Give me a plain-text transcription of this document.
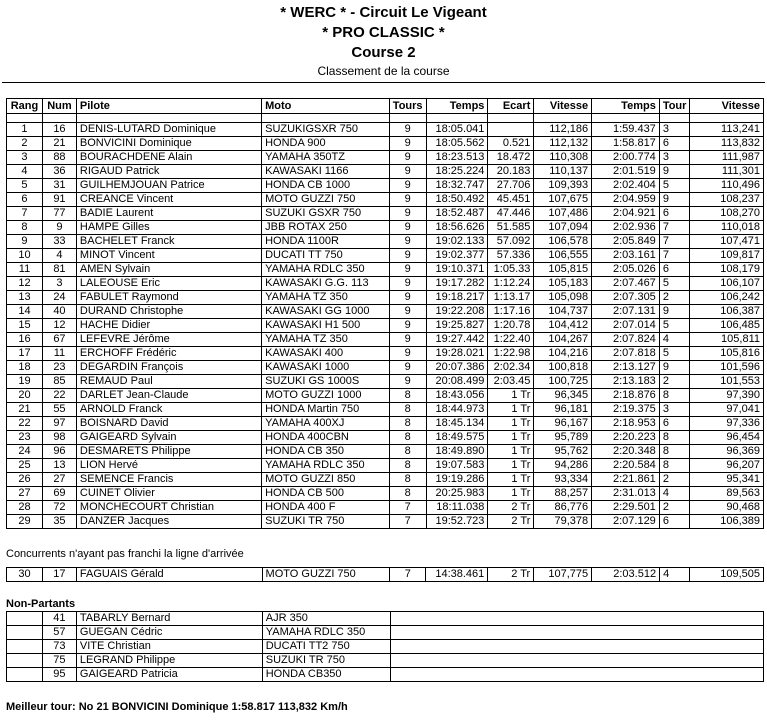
* WERC * - Circuit Le Vigeant
* PRO CLASSIC *
Course 2
Classement de la course
Rang	Num	Pilote	Moto	Tours	Temps	Ecart	Vitesse	Temps	Tour	Vitesse

1	16	DENIS-LUTARD Dominique	SUZUKIGSXR 750	9	18:05.041		112,186	1:59.437	3	113,241
2	21	BONVICINI Dominique	HONDA 900	9	18:05.562	0.521	112,132	1:58.817	6	113,832
3	88	BOURACHDENE Alain	YAMAHA 350TZ	9	18:23.513	18.472	110,308	2:00.774	3	111,987
4	36	RIGAUD Patrick	KAWASAKI 1166	9	18:25.224	20.183	110,137	2:01.519	9	111,301
5	31	GUILHEMJOUAN Patrice	HONDA CB 1000	9	18:32.747	27.706	109,393	2:02.404	5	110,496
6	91	CREANCE Vincent	MOTO GUZZI 750	9	18:50.492	45.451	107,675	2:04.959	9	108,237
7	77	BADIE Laurent	SUZUKI GSXR 750	9	18:52.487	47.446	107,486	2:04.921	6	108,270
8	9	HAMPE Gilles	JBB ROTAX 250	9	18:56.626	51.585	107,094	2:02.936	7	110,018
9	33	BACHELET Franck	HONDA 1100R	9	19:02.133	57.092	106,578	2:05.849	7	107,471
10	4	MINOT Vincent	DUCATI TT 750	9	19:02.377	57.336	106,555	2:03.161	7	109,817
11	81	AMEN Sylvain	YAMAHA RDLC 350	9	19:10.371	1:05.33	105,815	2:05.026	6	108,179
12	3	LALEOUSE Eric	KAWASAKI G.G. 113	9	19:17.282	1:12.24	105,183	2:07.467	5	106,107
13	24	FABULET Raymond	YAMAHA TZ 350	9	19:18.217	1:13.17	105,098	2:07.305	2	106,242
14	40	DURAND Christophe	KAWASAKI GG 1000	9	19:22.208	1:17.16	104,737	2:07.131	9	106,387
15	12	HACHE Didier	KAWASAKI H1 500	9	19:25.827	1:20.78	104,412	2:07.014	5	106,485
16	67	LEFEVRE Jérôme	YAMAHA TZ 350	9	19:27.442	1:22.40	104,267	2:07.824	4	105,811
17	11	ERCHOFF Frédéric	KAWASAKI 400	9	19:28.021	1:22.98	104,216	2:07.818	5	105,816
18	23	DEGARDIN François	KAWASAKI 1000	9	20:07.386	2:02.34	100,818	2:13.127	9	101,596
19	85	REMAUD Paul	SUZUKI GS 1000S	9	20:08.499	2:03.45	100,725	2:13.183	2	101,553
20	22	DARLET Jean-Claude	MOTO GUZZI 1000	8	18:43.056	1 Tr	96,345	2:18.876	8	97,390
21	55	ARNOLD Franck	HONDA Martin 750	8	18:44.973	1 Tr	96,181	2:19.375	3	97,041
22	97	BOISNARD David	YAMAHA 400XJ	8	18:45.134	1 Tr	96,167	2:18.953	6	97,336
23	98	GAIGEARD Sylvain	HONDA 400CBN	8	18:49.575	1 Tr	95,789	2:20.223	8	96,454
24	96	DESMARETS Philippe	HONDA CB 350	8	18:49.890	1 Tr	95,762	2:20.348	8	96,369
25	13	LION Hervé	YAMAHA RDLC 350	8	19:07.583	1 Tr	94,286	2:20.584	8	96,207
26	27	SEMENCE Francis	MOTO GUZZI 850	8	19:19.286	1 Tr	93,334	2:21.861	2	95,341
27	69	CUINET Olivier	HONDA CB 500	8	20:25.983	1 Tr	88,257	2:31.013	4	89,563
28	72	MONCHECOURT Christian	HONDA 400 F	7	18:11.038	2 Tr	86,776	2:29.501	2	90,468
29	35	DANZER Jacques	SUZUKI TR 750	7	19:52.723	2 Tr	79,378	2:07.129	6	106,389
Concurrents n'ayant pas franchi la ligne d'arrivée
30	17	FAGUAIS Gérald	MOTO GUZZI 750	7	14:38.461	2 Tr	107,775	2:03.512	4	109,505
Non-Partants
	41	TABARLY Bernard	AJR 350	
	57	GUEGAN Cédric	YAMAHA RDLC 350	
	73	VITE Christian	DUCATI TT2 750	
	75	LEGRAND Philippe	SUZUKI TR 750	
	95	GAIGEARD Patricia	HONDA CB350	
Meilleur tour: No 21 BONVICINI Dominique 1:58.817 113,832 Km/h
